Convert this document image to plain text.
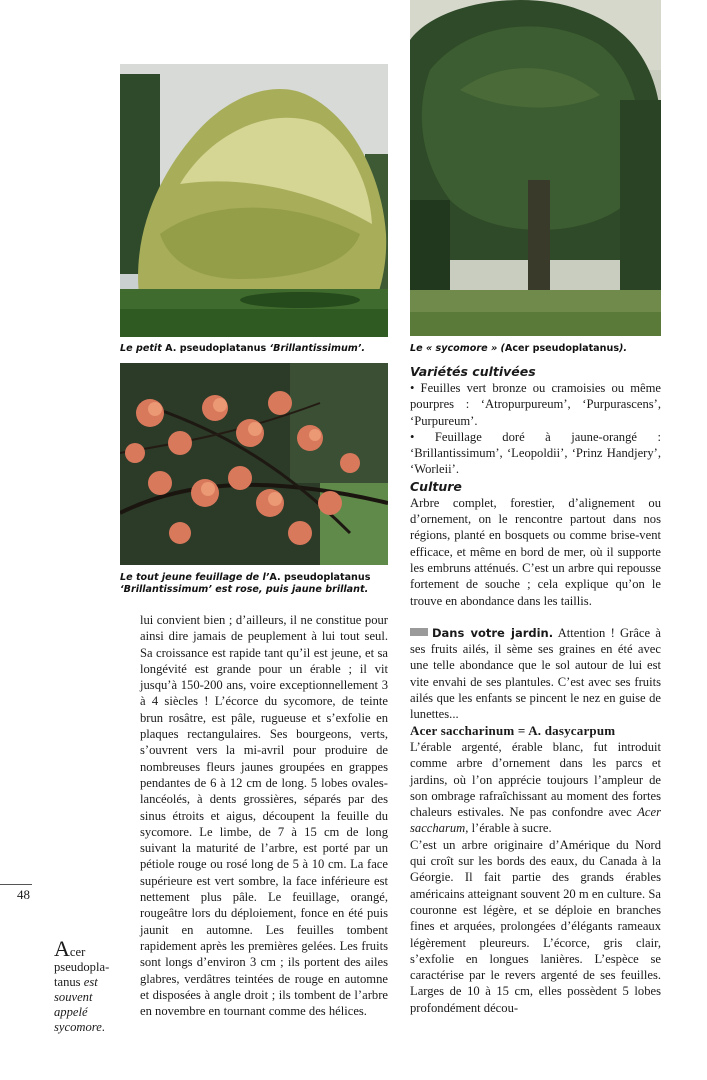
Le petit A. pseudoplatanus ‘Brillantissimum’.	Le « sycomore » (Acer pseudoplatanus).
Le tout jeune feuillage de l’A. pseudoplatanus ‘Brillantissimum’ est rose, puis jaune brillant.

Variétés cultivées

• Feuilles vert bronze ou cramoisies ou même pourpres : ‘Atropurpureum’, ‘Purpurascens’, ‘Purpureum’.

• Feuillage doré à jaune-orangé : ‘Brillantissimum’, ‘Leopoldii’, ‘Prinz Handjery’, ‘Worleii’.

Culture

Arbre complet, forestier, d’alignement ou d’ornement, on le rencontre partout dans nos régions, planté en bosquets ou comme brise-vent efficace, et même en bord de mer, où il supporte les embruns atténués. C’est un arbre qui repousse fortement de souche ; cela explique qu’on le trouve en abondance dans les taillis.

Dans votre jardin. Attention ! Grâce à ses fruits ailés, il sème ses graines en été avec une telle abondance que le sol autour de lui est vite envahi de ses plantules. C’est avec ses fruits ailés que les enfants se pincent le nez en guise de lunettes...

Acer saccharinum = A. dasycarpum

L’érable argenté, érable blanc, fut introduit comme arbre d’ornement dans les parcs et jardins, où l’on apprécie toujours l’ampleur de son ombrage rafraîchissant au moment des fortes chaleurs estivales. Ne pas confondre avec Acer saccharum, l’érable à sucre.

C’est un arbre originaire d’Amérique du Nord qui croît sur les bords des eaux, du Canada à la Géorgie. Il fait partie des grands érables américains atteignant souvent 20 m en culture. Sa couronne est légère, et se déploie en branches fines et arquées, prolongées d’élégants rameaux légèrement pleureurs. L’écorce, gris clair, s’exfolie en longues lanières. L’espèce se caractérise par le revers argenté de ses feuilles. Larges de 10 à 15 cm, elles possèdent 5 lobes profondément décou-

lui convient bien ; d’ailleurs, il ne constitue pour ainsi dire jamais de peuplement à lui tout seul. Sa croissance est rapide tant qu’il est jeune, et sa longévité est grande pour un érable ; il vit jusqu’à 150-200 ans, voire exceptionnellement 3 à 4 siècles ! L’écorce du sycomore, de teinte brun rosâtre, est pâle, rugueuse et s’exfolie en plaques rectangulaires. Ses bourgeons, verts, s’ouvrent vers la mi-avril pour produire de nombreuses fleurs jaunes groupées en grappes pendantes de 6 à 12 cm de long. 5 lobes ovales-lancéolés, à dents grossières, séparés par des sinus étroits et aigus, découpent la feuille du sycomore. Le limbe, de 7 à 15 cm de long suivant la maturité de l’arbre, est porté par un pétiole rouge ou rosé long de 5 à 10 cm. La face supérieure est vert sombre, la face inférieure est nettement plus pâle. Le feuillage, orangé, rougeâtre lors du déploiement, fonce en été puis jaunit en automne. Les feuilles tombent rapidement après les premières gelées. Les fruits sont longs d’environ 3 cm ; ils portent des ailes glabres, verdâtres teintées de rouge en automne et disposées à angle droit ; ils tombent de l’arbre en novembre en tournant comme des hélices.

48
Acer
pseudopla-
tanus est
souvent
appelé
sycomore.
